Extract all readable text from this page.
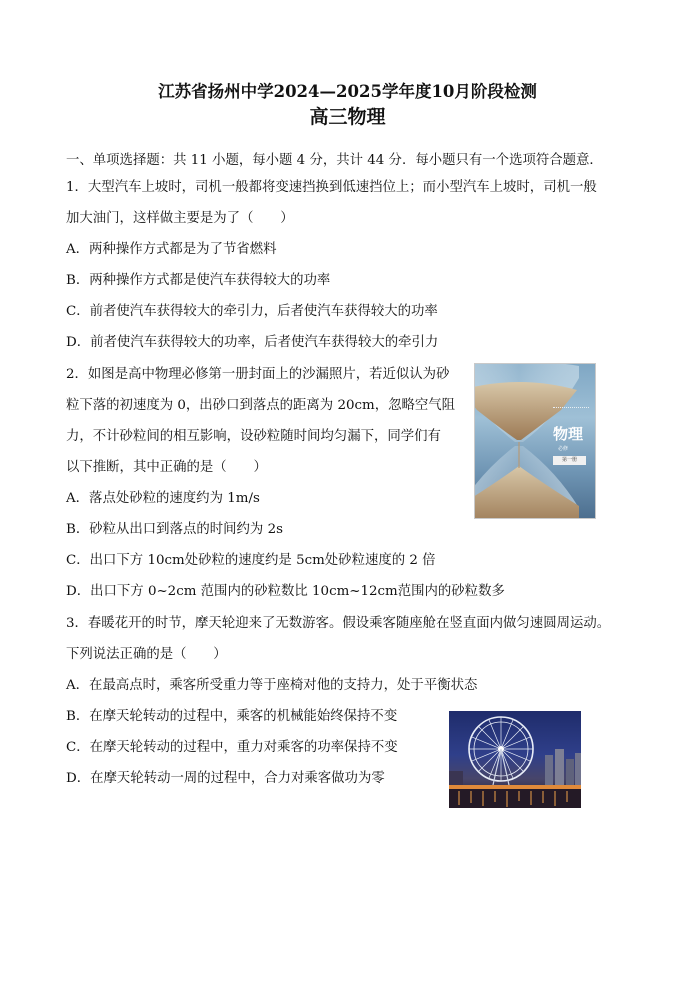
江苏省扬州中学2024—2025学年度10月阶段检测
高三物理
一、单项选择题：共 11 小题，每小题 4 分，共计 44 分．每小题只有一个选项符合题意．
1．大型汽车上坡时，司机一般都将变速挡换到低速挡位上；而小型汽车上坡时，司机一般
加大油门，这样做主要是为了（　　）
A．两种操作方式都是为了节省燃料
B．两种操作方式都是使汽车获得较大的功率
C．前者使汽车获得较大的牵引力，后者使汽车获得较大的功率
D．前者使汽车获得较大的功率，后者使汽车获得较大的牵引力
2．如图是高中物理必修第一册封面上的沙漏照片，若近似认为砂
粒下落的初速度为 0，出砂口到落点的距离为 20cm，忽略空气阻
力，不计砂粒间的相互影响，设砂粒随时间均匀漏下，同学们有
以下推断，其中正确的是（　　）
A．落点处砂粒的速度约为 1m/s
B．砂粒从出口到落点的时间约为 2s
C．出口下方 10cm处砂粒的速度约是 5cm处砂粒速度的 2 倍
D．出口下方 0~2cm 范围内的砂粒数比 10cm~12cm范围内的砂粒数多
物理
必修
第一册
3．春暖花开的时节，摩天轮迎来了无数游客。假设乘客随座舱在竖直面内做匀速圆周运动。
下列说法正确的是（　　）
A．在最高点时，乘客所受重力等于座椅对他的支持力，处于平衡状态
B．在摩天轮转动的过程中，乘客的机械能始终保持不变
C．在摩天轮转动的过程中，重力对乘客的功率保持不变
D．在摩天轮转动一周的过程中，合力对乘客做功为零
